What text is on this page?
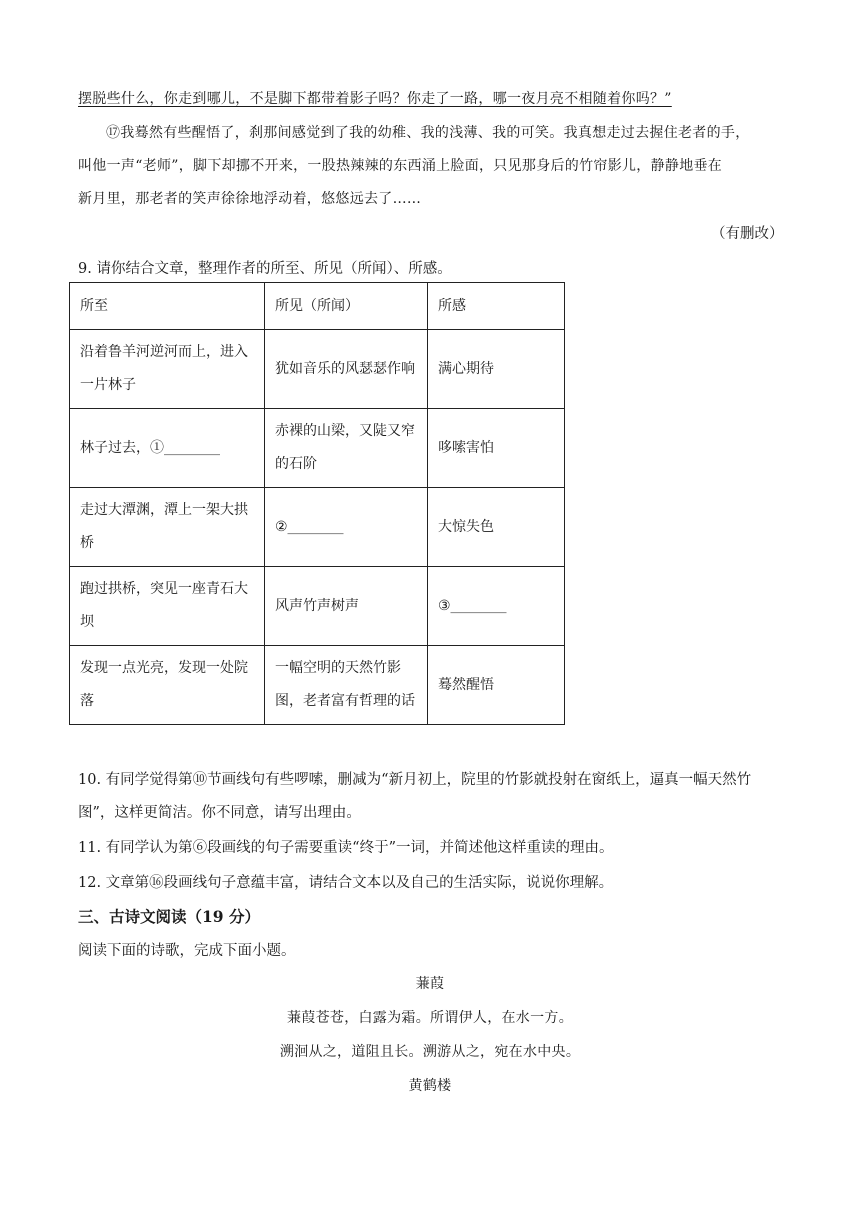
摆脱些什么，你走到哪儿，不是脚下都带着影子吗？你走了一路，哪一夜月亮不相随着你吗？”
⑰我蓦然有些醒悟了，刹那间感觉到了我的幼稚、我的浅薄、我的可笑。我真想走过去握住老者的手，
叫他一声“老师”，脚下却挪不开来，一股热辣辣的东西涌上脸面，只见那身后的竹帘影儿，静静地垂在
新月里，那老者的笑声徐徐地浮动着，悠悠远去了……
（有删改）
9. 请你结合文章，整理作者的所至、所见（所闻）、所感。
所至	所见（所闻）	所感
沿着鲁羊河逆河而上，进入一片林子	犹如音乐的风瑟瑟作响	满心期待
林子过去，①________	赤裸的山梁，又陡又窄的石阶	哆嗦害怕
走过大潭渊，潭上一架大拱桥	②________	大惊失色
跑过拱桥，突见一座青石大坝	风声竹声树声	③________
发现一点光亮，发现一处院落	一幅空明的天然竹影图，老者富有哲理的话	蓦然醒悟
10. 有同学觉得第⑩节画线句有些啰嗦，删减为“新月初上，院里的竹影就投射在窗纸上，逼真一幅天然竹
图”，这样更简洁。你不同意，请写出理由。
11. 有同学认为第⑥段画线的句子需要重读“终于”一词，并简述他这样重读的理由。
12. 文章第⑯段画线句子意蕴丰富，请结合文本以及自己的生活实际，说说你理解。
三、古诗文阅读（19 分）
阅读下面的诗歌，完成下面小题。
蒹葭
蒹葭苍苍，白露为霜。所谓伊人，在水一方。
溯洄从之，道阻且长。溯游从之，宛在水中央。
黄鹤楼
